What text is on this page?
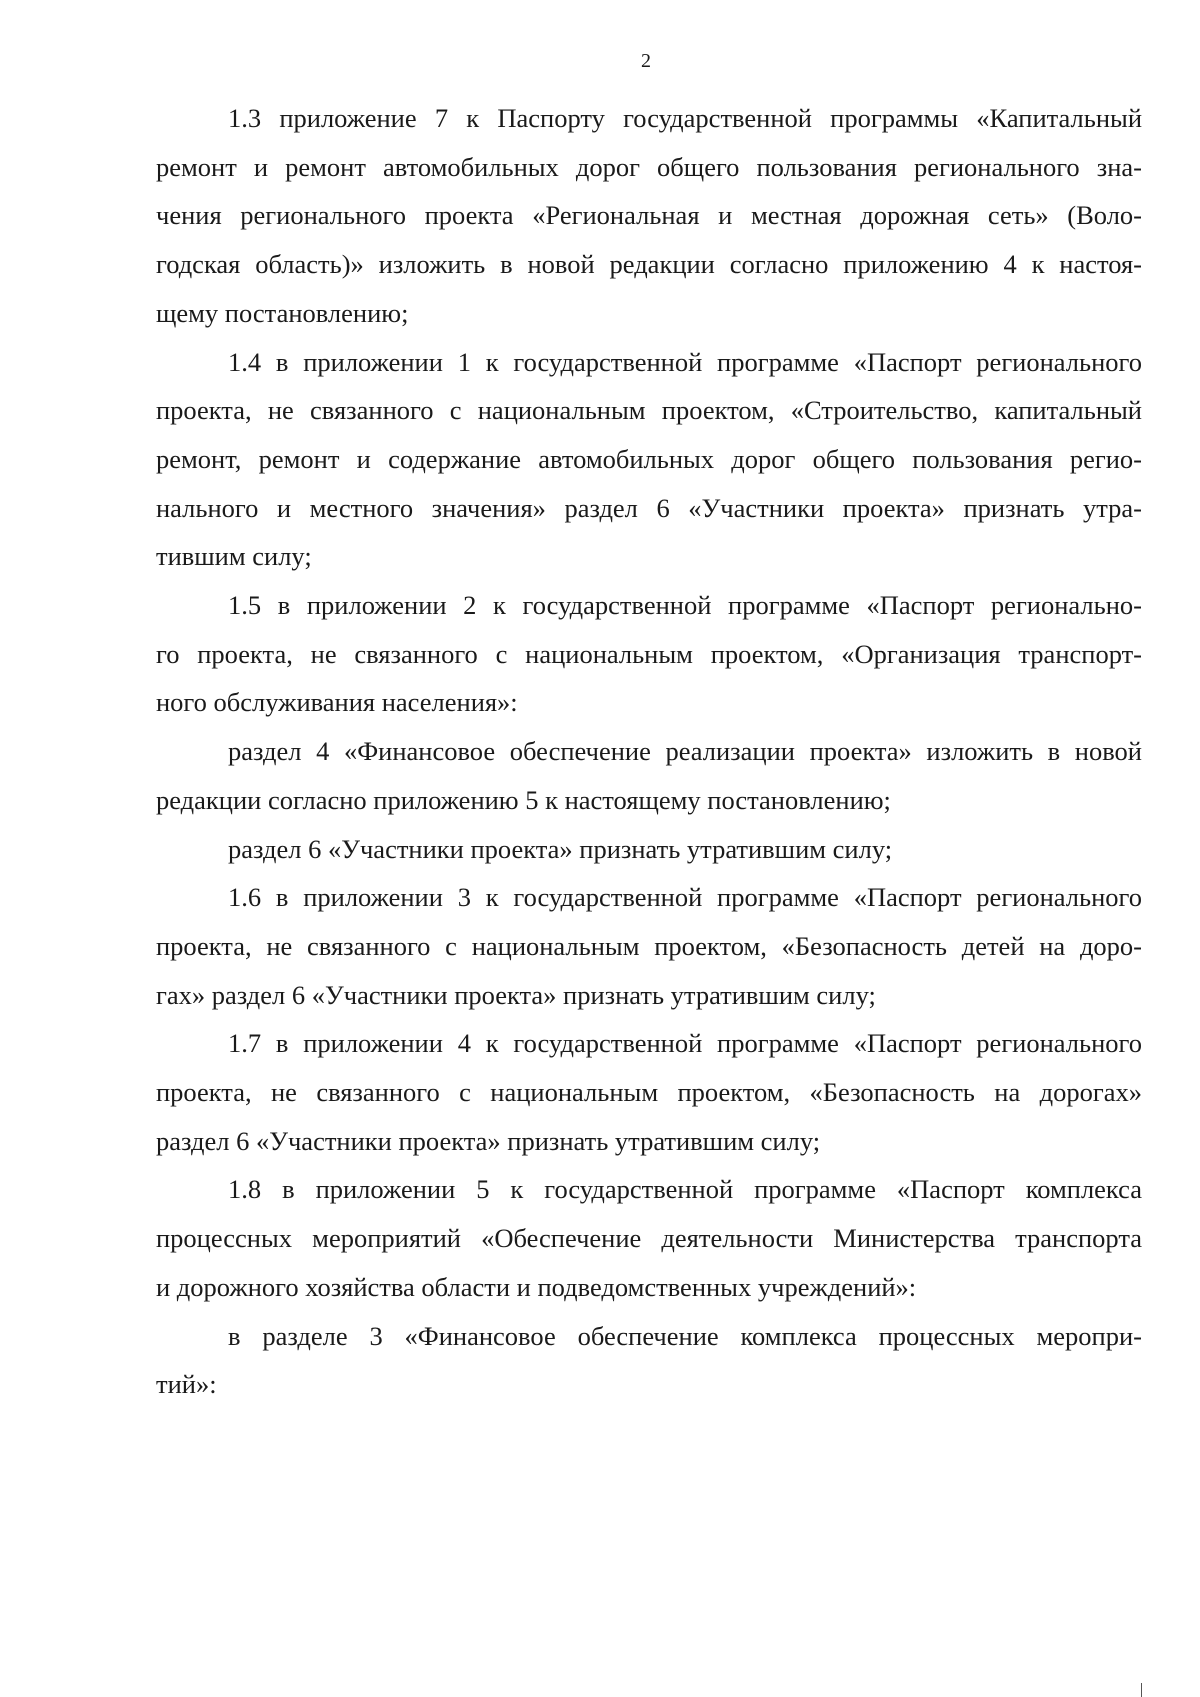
2
1.3 приложение 7 к Паспорту государственной программы «Капитальный
ремонт и ремонт автомобильных дорог общего пользования регионального зна-
чения регионального проекта «Региональная и местная дорожная сеть» (Воло-
годская область)» изложить в новой редакции согласно приложению 4 к настоя-
щему постановлению;
1.4 в приложении 1 к государственной программе «Паспорт регионального
проекта, не связанного с национальным проектом, «Строительство, капитальный
ремонт, ремонт и содержание автомобильных дорог общего пользования регио-
нального и местного значения» раздел 6 «Участники проекта» признать утра-
тившим силу;
1.5 в приложении 2 к государственной программе «Паспорт регионально-
го проекта, не связанного с национальным проектом, «Организация транспорт-
ного обслуживания населения»:
раздел 4 «Финансовое обеспечение реализации проекта» изложить в новой
редакции согласно приложению 5 к настоящему постановлению;
раздел 6 «Участники проекта» признать утратившим силу;
1.6 в приложении 3 к государственной программе «Паспорт регионального
проекта, не связанного с национальным проектом, «Безопасность детей на доро-
гах» раздел 6 «Участники проекта» признать утратившим силу;
1.7 в приложении 4 к государственной программе «Паспорт регионального
проекта, не связанного с национальным проектом, «Безопасность на дорогах»
раздел 6 «Участники проекта» признать утратившим силу;
1.8 в приложении 5 к государственной программе «Паспорт комплекса
процессных мероприятий «Обеспечение деятельности Министерства транспорта
и дорожного хозяйства области и подведомственных учреждений»:
в разделе 3 «Финансовое обеспечение комплекса процессных меропри-
тий»:
